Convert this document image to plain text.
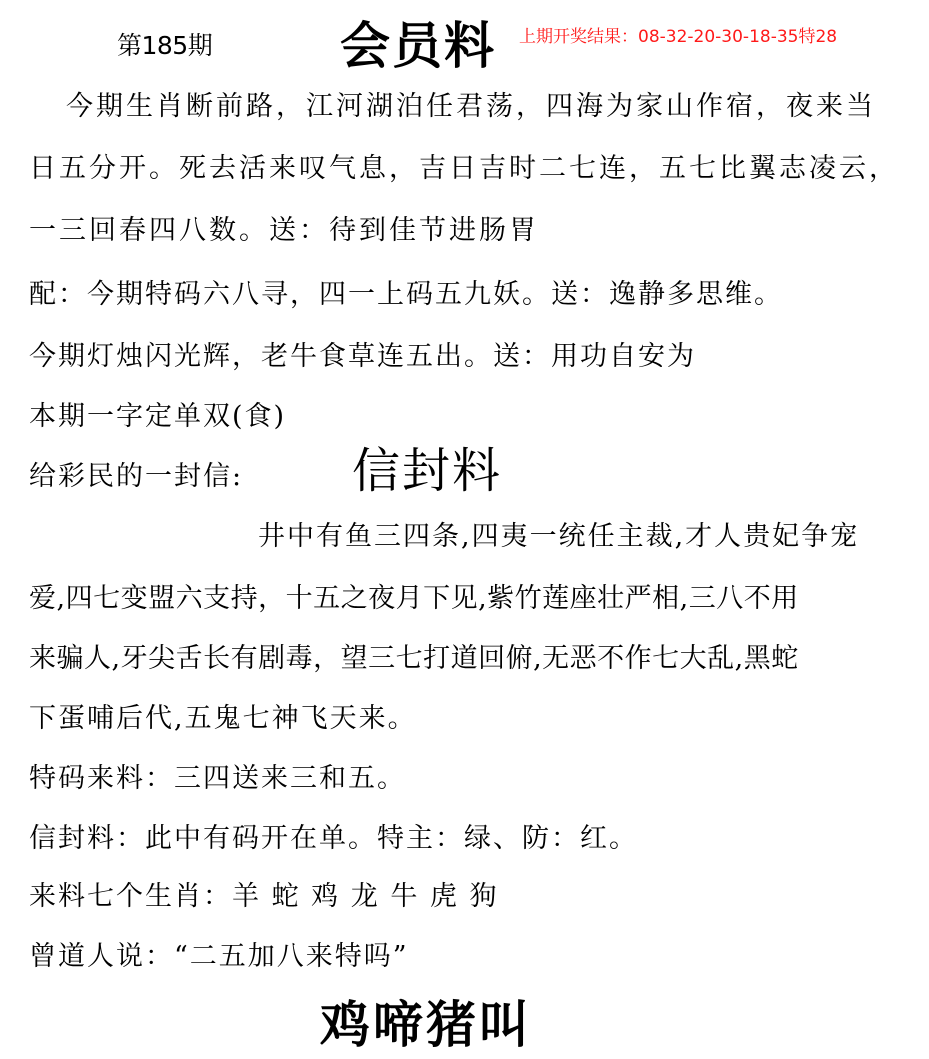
第185期	会员料 上期开奖结果：08-32-20-30-18-35特28
今期生肖断前路，江河湖泊任君荡，四海为家山作宿，夜来当
日五分开。死去活来叹气息，吉日吉时二七连，五七比翼志凌云，
一三回春四八数。送：待到佳节进肠胃
配：今期特码六八寻，四一上码五九妖。送：逸静多思维。
今期灯烛闪光辉，老牛食草连五出。送：用功自安为
本期一字定单双(食)
给彩民的一封信: 信封料
井中有鱼三四条,四夷一统任主裁,才人贵妃争宠
爱,四七变盟六支持，十五之夜月下见,紫竹莲座壮严相,三八不用
来骗人,牙尖舌长有剧毒，望三七打道回俯,无恶不作七大乱,黑蛇
下蛋哺后代,五鬼七神飞天来。
特码来料：三四送来三和五。
信封料：此中有码开在单。特主：绿、防：红。
来料七个生肖：羊 蛇 鸡 龙 牛 虎 狗
曾道人说：“二五加八来特吗”
鸡啼猪叫
